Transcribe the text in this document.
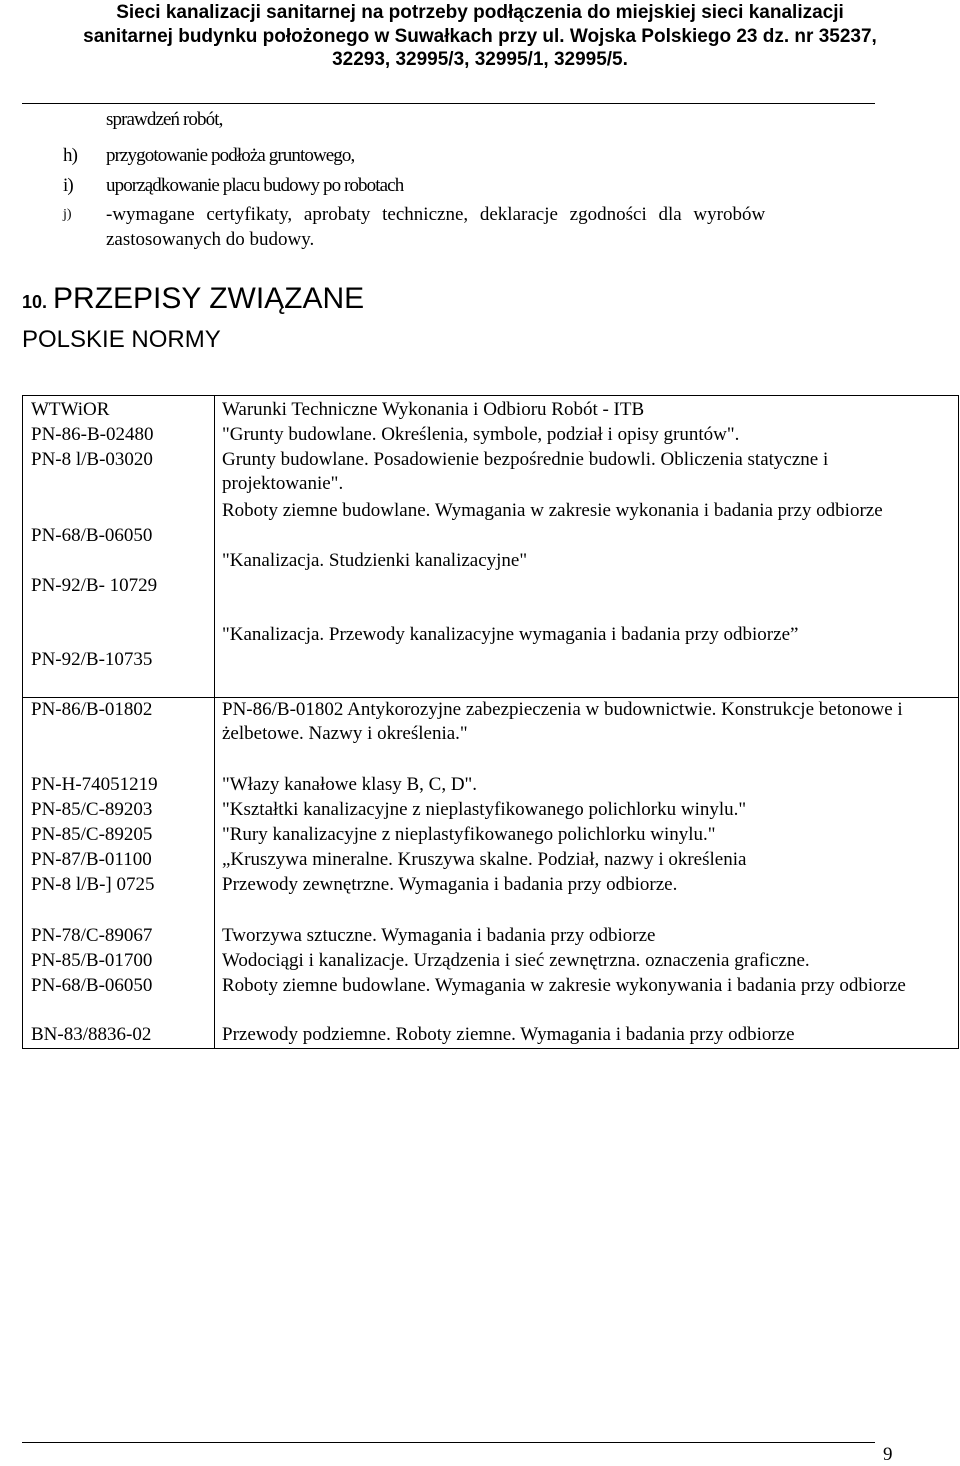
Sieci kanalizacji sanitarnej na potrzeby podłączenia do miejskiej sieci kanalizacji
sanitarnej budynku położonego w Suwałkach przy ul. Wojska Polskiego 23 dz. nr 35237,
32293, 32995/3, 32995/1, 32995/5.
sprawdzeń robót,
h) przygotowanie podłoża gruntowego,
i) uporządkowanie placu budowy po robotach
j) -wymagane certyfikaty, aprobaty techniczne, deklaracje zgodności dla wyrobów
zastosowanych do budowy.
10. PRZEPISY ZWIĄZANE
POLSKIE NORMY
WTWiOR
PN-86-B-02480
PN-8 l/B-03020
PN-68/B-06050
PN-92/B- 10729
PN-92/B-10735
PN-86/B-01802
PN-H-74051219
PN-85/C-89203
PN-85/C-89205
PN-87/B-01100
PN-8 l/B-] 0725
PN-78/C-89067
PN-85/B-01700
PN-68/B-06050
BN-83/8836-02
Warunki Techniczne Wykonania i Odbioru Robót - ITB
"Grunty budowlane. Określenia, symbole, podział i opisy gruntów".
Grunty budowlane. Posadowienie bezpośrednie budowli. Obliczenia statyczne i projektowanie".
Roboty ziemne budowlane. Wymagania w zakresie wykonania i badania przy odbiorze
"Kanalizacja. Studzienki kanalizacyjne"
"Kanalizacja. Przewody kanalizacyjne wymagania i badania przy odbiorze”
PN-86/B-01802 Antykorozyjne zabezpieczenia w budownictwie. Konstrukcje betonowe i żelbetowe. Nazwy i określenia."
"Włazy kanałowe klasy B, C, D".
"Kształtki kanalizacyjne z nieplastyfikowanego polichlorku winylu."
"Rury kanalizacyjne z nieplastyfikowanego polichlorku winylu."
„Kruszywa mineralne. Kruszywa skalne. Podział, nazwy i określenia
Przewody zewnętrzne. Wymagania i badania przy odbiorze.
Tworzywa sztuczne. Wymagania i badania przy odbiorze
Wodociągi i kanalizacje. Urządzenia i sieć zewnętrzna. oznaczenia graficzne.
Roboty ziemne budowlane. Wymagania w zakresie wykonywania i badania przy odbiorze
Przewody podziemne. Roboty ziemne. Wymagania i badania przy odbiorze
9
